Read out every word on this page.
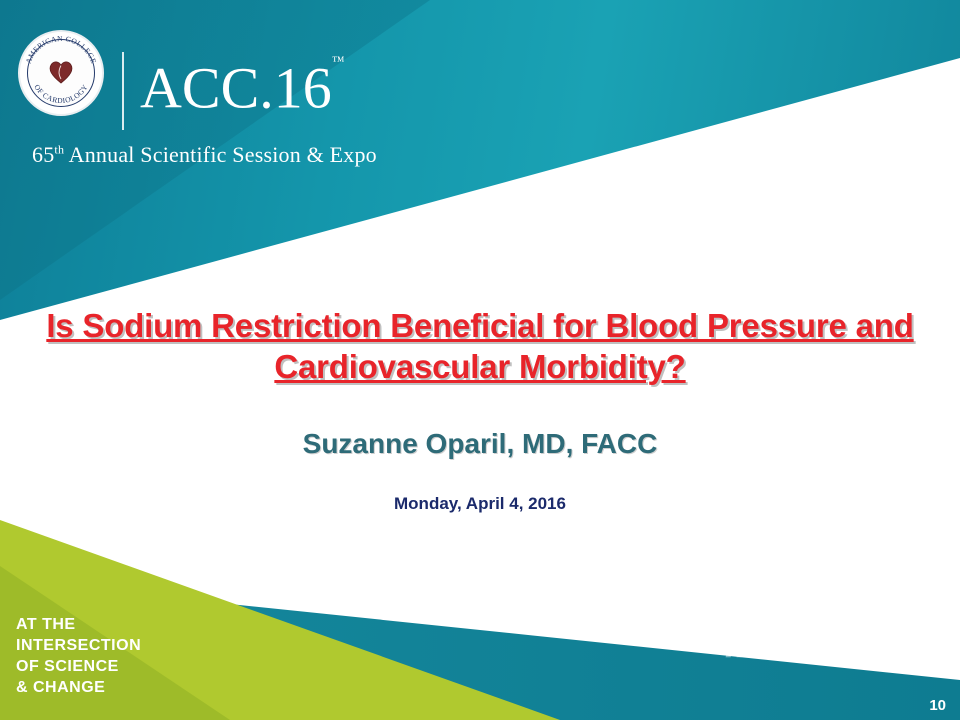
AMERICAN COLLEGE
OF CARDIOLOGY ACC.16™
65th Annual Scientific Session & Expo
Is Sodium Restriction Beneficial for Blood Pressure and Cardiovascular Morbidity?
Suzanne Oparil, MD, FACC
Monday, April 4, 2016
AT THE
INTERSECTION
OF SCIENCE
& CHANGE
#ACC16
10
